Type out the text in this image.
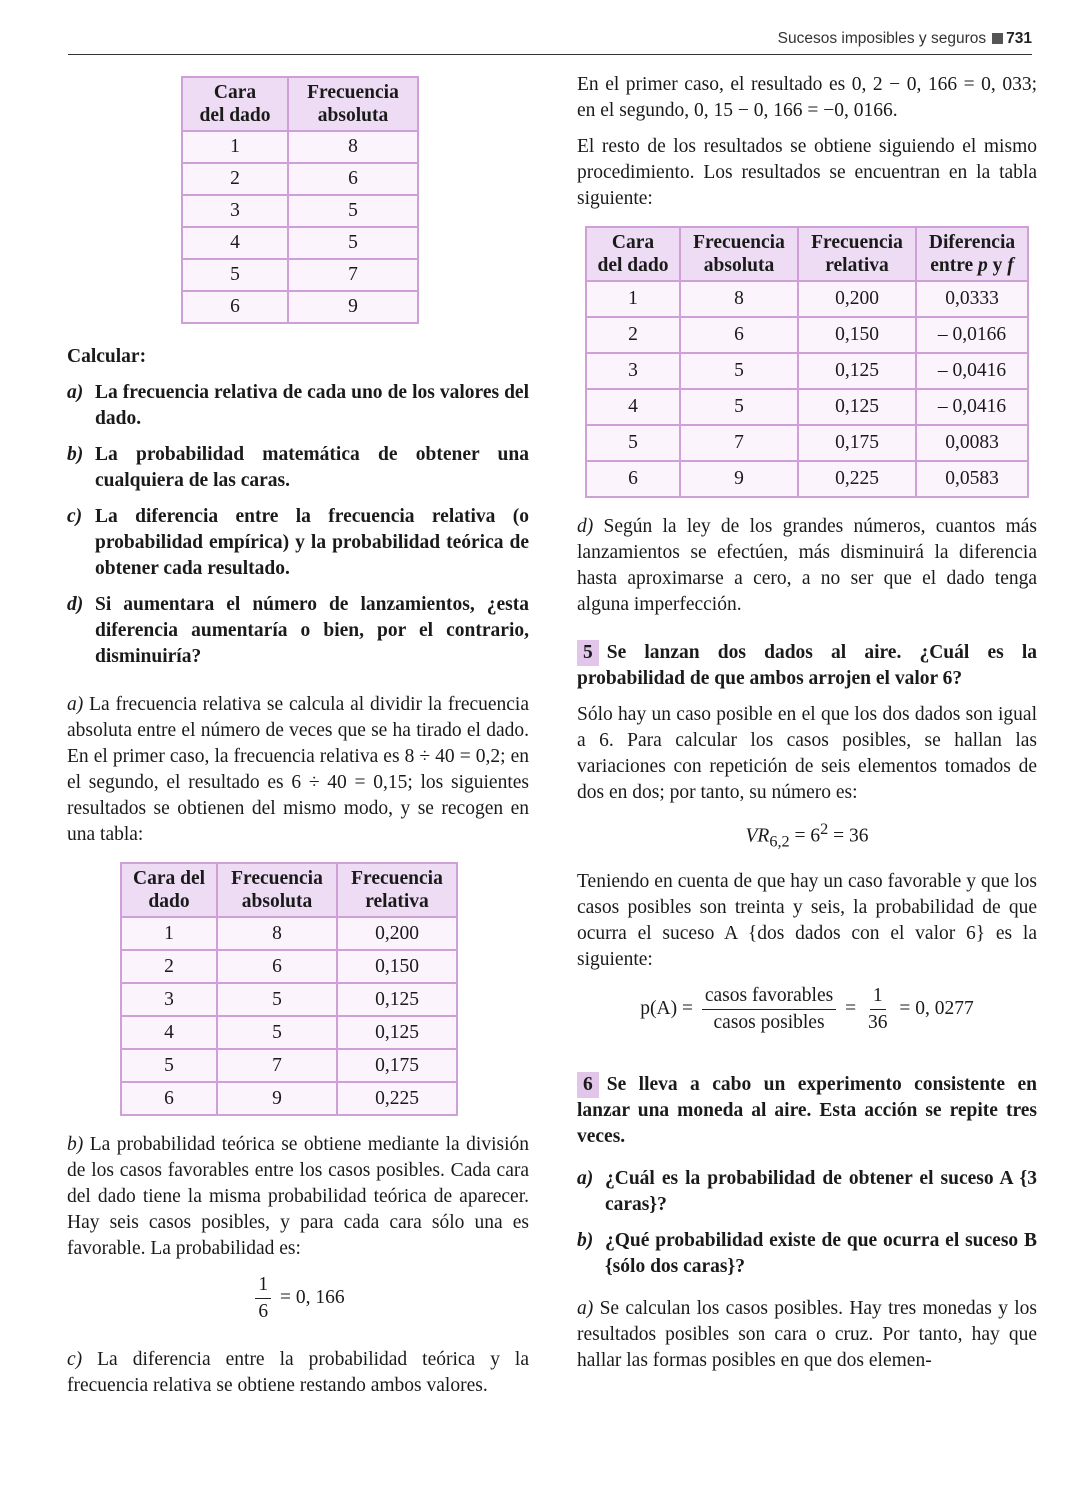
Sucesos imposibles y seguros 731
Cara
del dado	Frecuencia
absoluta
1	8
2	6
3	5
4	5
5	7
6	9
Calcular:
a) La frecuencia relativa de cada uno de los valores del dado.
b) La probabilidad matemática de obtener una cualquiera de las caras.
c) La diferencia entre la frecuencia relativa (o probabilidad empírica) y la probabilidad teórica de obtener cada resultado.
d) Si aumentara el número de lanzamientos, ¿esta diferencia aumentaría o bien, por el contrario, disminuiría?

a) La frecuencia relativa se calcula al dividir la frecuencia absoluta entre el número de veces que se ha tirado el dado. En el primer caso, la frecuencia relativa es 8 ÷ 40 = 0,2; en el segundo, el resultado es 6 ÷ 40 = 0,15; los siguientes resultados se obtienen del mismo modo, y se recogen en una tabla:

Cara del
dado	Frecuencia
absoluta	Frecuencia
relativa
1	8	0,200
2	6	0,150
3	5	0,125
4	5	0,125
5	7	0,175
6	9	0,225

b) La probabilidad teórica se obtiene mediante la división de los casos favorables entre los casos posibles. Cada cara del dado tiene la misma probabilidad teórica de aparecer. Hay seis casos posibles, y para cada cara sólo una es favorable. La probabilidad es:

$\frac{1}{6} = 0$, 166

c) La diferencia entre la probabilidad teórica y la frecuencia relativa se obtiene restando ambos valores.

En el primer caso, el resultado es 0, 2 − 0, 166 = 0, 033; en el segundo, 0, 15 − 0, 166 = −0, 0166.

El resto de los resultados se obtiene siguiendo el mismo procedimiento. Los resultados se encuentran en la tabla siguiente:

Cara
del dado	Frecuencia
absoluta	Frecuencia
relativa	Diferencia
entre p y f
1	8	0,200	0,0333
2	6	0,150	– 0,0166
3	5	0,125	– 0,0416
4	5	0,125	– 0,0416
5	7	0,175	0,0083
6	9	0,225	0,0583

d) Según la ley de los grandes números, cuantos más lanzamientos se efectúen, más disminuirá la diferencia hasta aproximarse a cero, a no ser que el dado tenga alguna imperfección.

5 Se lanzan dos dados al aire. ¿Cuál es la probabilidad de que ambos arrojen el valor 6?

Sólo hay un caso posible en el que los dos dados son igual a 6. Para calcular los casos posibles, se hallan las variaciones con repetición de seis elementos tomados de dos en dos; por tanto, su número es:

$VR_{6,2} = 6^2 = 36$

Teniendo en cuenta de que hay un caso favorable y que los casos posibles son treinta y seis, la probabilidad de que ocurra el suceso A {dos dados con el valor 6} es la siguiente:

$p(A) = \frac{\text{casos favorables}}{\text{casos posibles}} = \frac{1}{36} = 0$, 0277
6 Se lleva a cabo un experimento consistente en lanzar una moneda al aire. Esta acción se repite tres veces.
a) ¿Cuál es la probabilidad de obtener el suceso A {3 caras}?
b) ¿Qué probabilidad existe de que ocurra el suceso B {sólo dos caras}?

a) Se calculan los casos posibles. Hay tres monedas y los resultados posibles son cara o cruz. Por tanto, hay que hallar las formas posibles en que dos elemen-
